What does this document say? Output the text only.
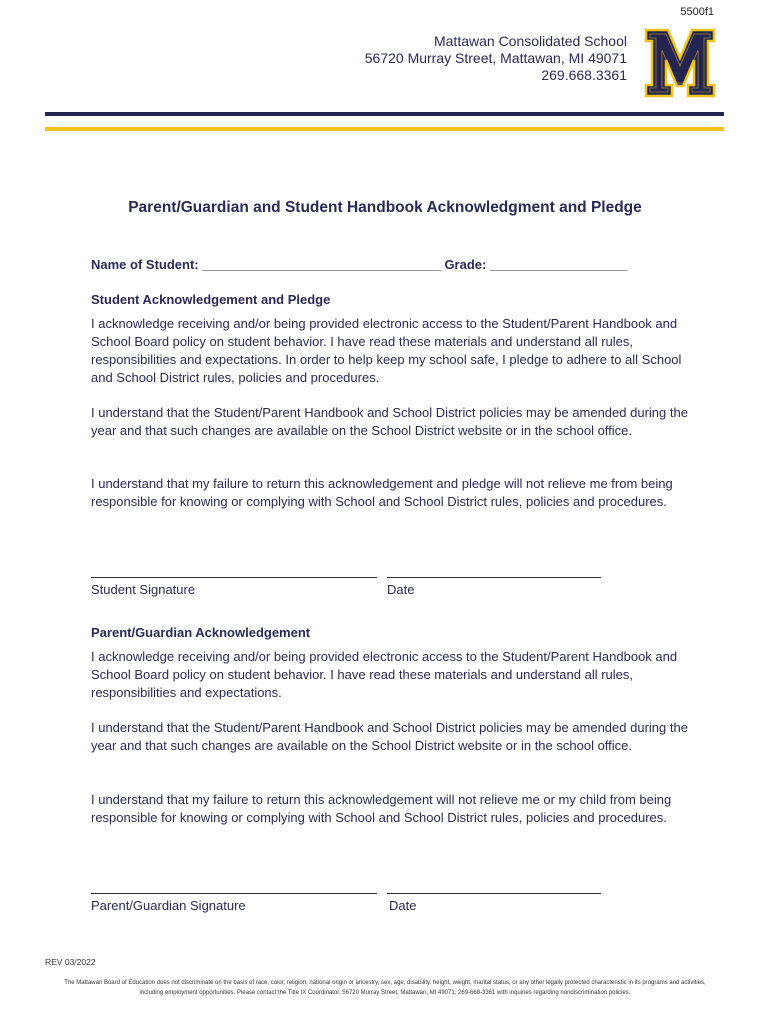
5500f1
Mattawan Consolidated School
56720 Murray Street, Mattawan, MI 49071
269.668.3361
Parent/Guardian and Student Handbook Acknowledgment and Pledge
Name of Student: _________________________________ Grade: ___________________
Student Acknowledgement and Pledge
I acknowledge receiving and/or being provided electronic access to the Student/Parent Handbook and School Board policy on student behavior. I have read these materials and understand all rules, responsibilities and expectations. In order to help keep my school safe, I pledge to adhere to all School and School District rules, policies and procedures.
I understand that the Student/Parent Handbook and School District policies may be amended during the year and that such changes are available on the School District website or in the school office.
I understand that my failure to return this acknowledgement and pledge will not relieve me from being responsible for knowing or complying with School and School District rules, policies and procedures.
Student Signature	Date
Parent/Guardian Acknowledgement
I acknowledge receiving and/or being provided electronic access to the Student/Parent Handbook and School Board policy on student behavior. I have read these materials and understand all rules, responsibilities and expectations.
I understand that the Student/Parent Handbook and School District policies may be amended during the year and that such changes are available on the School District website or in the school office.
I understand that my failure to return this acknowledgement will not relieve me or my child from being responsible for knowing or complying with School and School District rules, policies and procedures.
Parent/Guardian Signature	Date
REV 03/2022
The Mattawan Board of Education does not discriminate on the basis of race, color, religion, national origin or ancestry, sex, age, disability, height, weight, marital status, or any other legally protected characteristic in its programs and activities,
including employment opportunities. Please contact the Title IX Coordinator, 56720 Murray Street, Mattawan, MI 49071, 269-668-3361 with inquiries regarding nondiscrimination policies.
